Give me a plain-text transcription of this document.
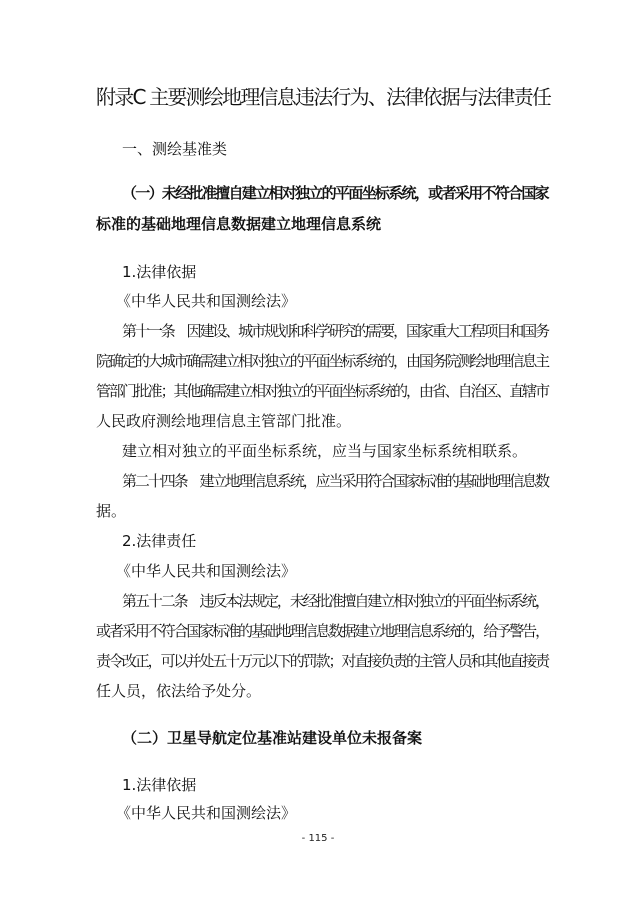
附录C 主要测绘地理信息违法行为、法律依据与法律责任
一、测绘基准类
（一）未经批准擅自建立相对独立的平面坐标系统，或者采用不符合国家
标准的基础地理信息数据建立地理信息系统
1.法律依据
《中华人民共和国测绘法》
第十一条　因建设、城市规划和科学研究的需要，国家重大工程项目和国务
院确定的大城市确需建立相对独立的平面坐标系统的，由国务院测绘地理信息主
管部门批准；其他确需建立相对独立的平面坐标系统的，由省、自治区、直辖市
人民政府测绘地理信息主管部门批准。
建立相对独立的平面坐标系统，应当与国家坐标系统相联系。
第二十四条　建立地理信息系统，应当采用符合国家标准的基础地理信息数
据。
2.法律责任
《中华人民共和国测绘法》
第五十二条　违反本法规定，未经批准擅自建立相对独立的平面坐标系统，
或者采用不符合国家标准的基础地理信息数据建立地理信息系统的，给予警告，
责令改正，可以并处五十万元以下的罚款；对直接负责的主管人员和其他直接责
任人员，依法给予处分。
（二）卫星导航定位基准站建设单位未报备案
1.法律依据
《中华人民共和国测绘法》
- 115 -
